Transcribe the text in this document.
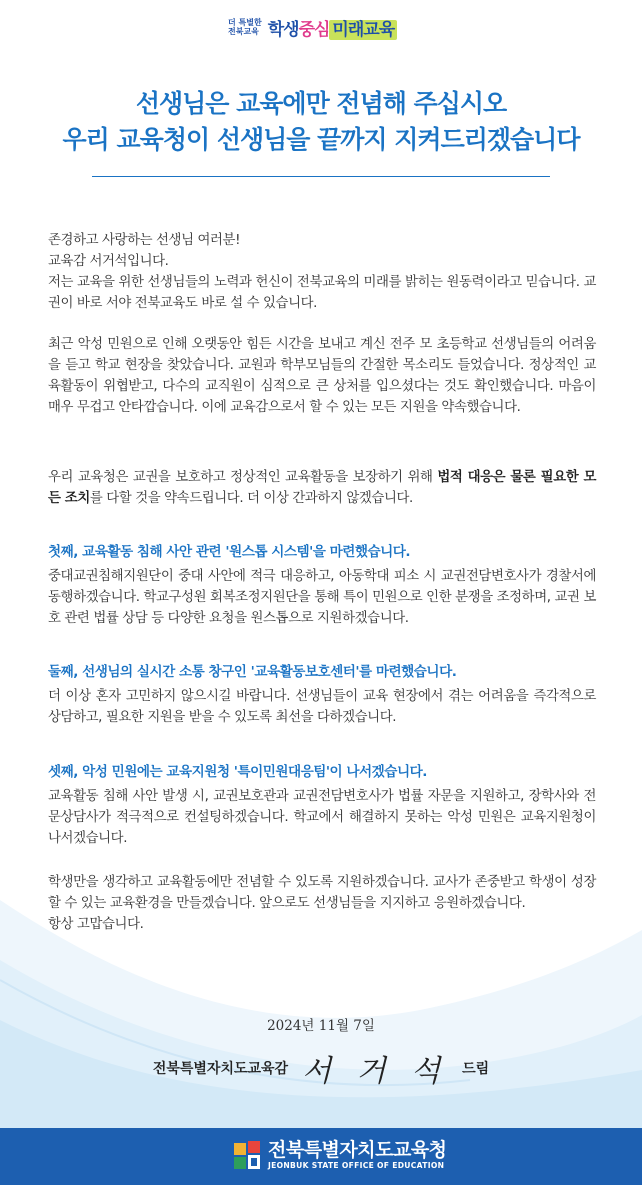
더 특별한
전북교육 학생중심 미래교육
선생님은 교육에만 전념해 주십시오
우리 교육청이 선생님을 끝까지 지켜드리겠습니다
존경하고 사랑하는 선생님 여러분!
교육감 서거석입니다.
저는 교육을 위한 선생님들의 노력과 헌신이 전북교육의 미래를 밝히는 원동력이라고 믿습니다. 교권이 바로 서야 전북교육도 바로 설 수 있습니다.
최근 악성 민원으로 인해 오랫동안 힘든 시간을 보내고 계신 전주 모 초등학교 선생님들의 어려움을 듣고 학교 현장을 찾았습니다. 교원과 학부모님들의 간절한 목소리도 들었습니다. 정상적인 교육활동이 위협받고, 다수의 교직원이 심적으로 큰 상처를 입으셨다는 것도 확인했습니다. 마음이 매우 무겁고 안타깝습니다. 이에 교육감으로서 할 수 있는 모든 지원을 약속했습니다.
우리 교육청은 교권을 보호하고 정상적인 교육활동을 보장하기 위해 법적 대응은 물론 필요한 모든 조치를 다할 것을 약속드립니다. 더 이상 간과하지 않겠습니다.
첫째, 교육활동 침해 사안 관련 '원스톱 시스템'을 마련했습니다.
중대교권침해지원단이 중대 사안에 적극 대응하고, 아동학대 피소 시 교권전담변호사가 경찰서에 동행하겠습니다. 학교구성원 회복조정지원단을 통해 특이 민원으로 인한 분쟁을 조정하며, 교권 보호 관련 법률 상담 등 다양한 요청을 원스톱으로 지원하겠습니다.
둘째, 선생님의 실시간 소통 창구인 '교육활동보호센터'를 마련했습니다.
더 이상 혼자 고민하지 않으시길 바랍니다. 선생님들이 교육 현장에서 겪는 어려움을 즉각적으로 상담하고, 필요한 지원을 받을 수 있도록 최선을 다하겠습니다.
셋째, 악성 민원에는 교육지원청 '특이민원대응팀'이 나서겠습니다.
교육활동 침해 사안 발생 시, 교권보호관과 교권전담변호사가 법률 자문을 지원하고, 장학사와 전문상담사가 적극적으로 컨설팅하겠습니다. 학교에서 해결하지 못하는 악성 민원은 교육지원청이 나서겠습니다.
학생만을 생각하고 교육활동에만 전념할 수 있도록 지원하겠습니다. 교사가 존중받고 학생이 성장할 수 있는 교육환경을 만들겠습니다. 앞으로도 선생님들을 지지하고 응원하겠습니다.
항상 고맙습니다.
2024년 11월 7일
전북특별자치도교육감 서 거 석 드림
전북특별자치도교육청
JEONBUK STATE OFFICE OF EDUCATION
